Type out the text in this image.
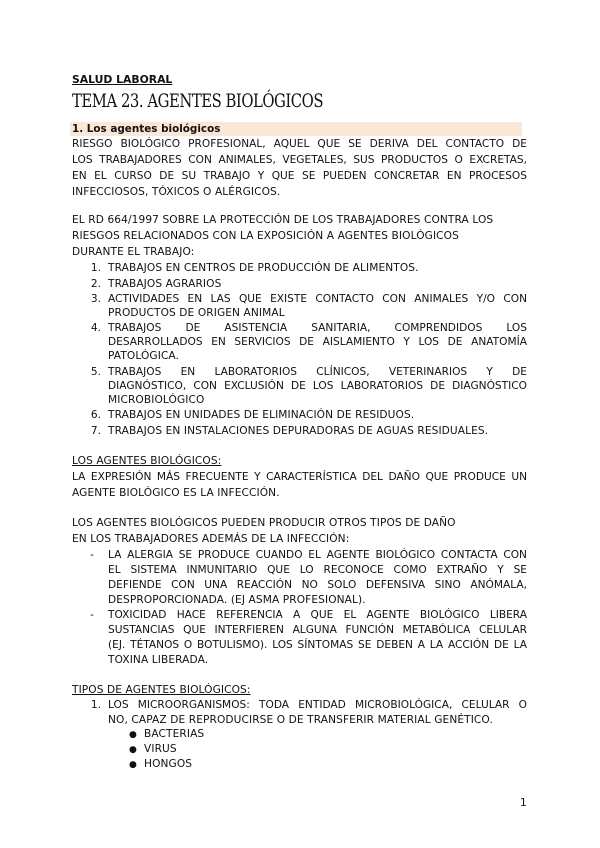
SALUD LABORAL
TEMA 23. AGENTES BIOLÓGICOS
1. Los agentes biológicos
RIESGO BIOLÓGICO PROFESIONAL, AQUEL QUE SE DERIVA DEL CONTACTO DE
LOS TRABAJADORES CON ANIMALES, VEGETALES, SUS PRODUCTOS O EXCRETAS,
EN EL CURSO DE SU TRABAJO Y QUE SE PUEDEN CONCRETAR EN PROCESOS
INFECCIOSOS, TÓXICOS O ALÉRGICOS.
EL RD 664/1997 SOBRE LA PROTECCIÓN DE LOS TRABAJADORES CONTRA LOS
RIESGOS RELACIONADOS CON LA EXPOSICIÓN A AGENTES BIOLÓGICOS
DURANTE EL TRABAJO:
1. TRABAJOS EN CENTROS DE PRODUCCIÓN DE ALIMENTOS.
2. TRABAJOS AGRARIOS
3. ACTIVIDADES EN LAS QUE EXISTE CONTACTO CON ANIMALES Y/O CON
PRODUCTOS DE ORIGEN ANIMAL
4. TRABAJOS DE ASISTENCIA SANITARIA, COMPRENDIDOS LOS
DESARROLLADOS EN SERVICIOS DE AISLAMIENTO Y LOS DE ANATOMÍA
PATOLÓGICA.
5. TRABAJOS EN LABORATORIOS CLÍNICOS, VETERINARIOS Y DE
DIAGNÓSTICO, CON EXCLUSIÓN DE LOS LABORATORIOS DE DIAGNÓSTICO
MICROBIOLÓGICO
6. TRABAJOS EN UNIDADES DE ELIMINACIÓN DE RESIDUOS.
7. TRABAJOS EN INSTALACIONES DEPURADORAS DE AGUAS RESIDUALES.
LOS AGENTES BIOLÓGICOS:
LA EXPRESIÓN MÁS FRECUENTE Y CARACTERÍSTICA DEL DAÑO QUE PRODUCE UN
AGENTE BIOLÓGICO ES LA INFECCIÓN.
LOS AGENTES BIOLÓGICOS PUEDEN PRODUCIR OTROS TIPOS DE DAÑO
EN LOS TRABAJADORES ADEMÁS DE LA INFECCIÓN:
- LA ALERGIA SE PRODUCE CUANDO EL AGENTE BIOLÓGICO CONTACTA CON
EL SISTEMA INMUNITARIO QUE LO RECONOCE COMO EXTRAÑO Y SE
DEFIENDE CON UNA REACCIÓN NO SOLO DEFENSIVA SINO ANÓMALA,
DESPROPORCIONADA. (EJ ASMA PROFESIONAL).
- TOXICIDAD HACE REFERENCIA A QUE EL AGENTE BIOLÓGICO LIBERA
SUSTANCIAS QUE INTERFIEREN ALGUNA FUNCIÓN METABÓLICA CELULAR
(EJ. TÉTANOS O BOTULISMO). LOS SÍNTOMAS SE DEBEN A LA ACCIÓN DE LA
TOXINA LIBERADA.
TIPOS DE AGENTES BIOLÓGICOS:
1. LOS MICROORGANISMOS: TODA ENTIDAD MICROBIOLÓGICA, CELULAR O
NO, CAPAZ DE REPRODUCIRSE O DE TRANSFERIR MATERIAL GENÉTICO.
● BACTERIAS
● VIRUS
● HONGOS
1
